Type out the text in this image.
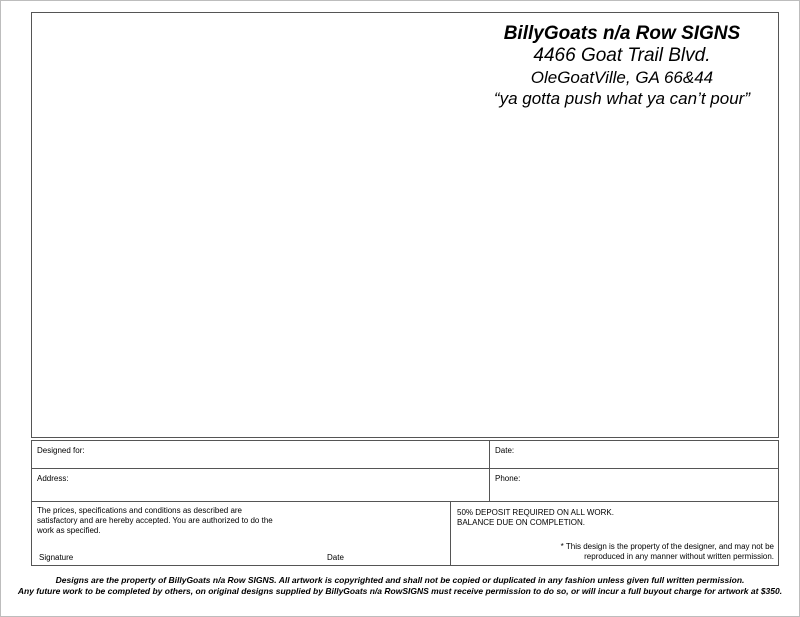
BillyGoats n/a Row SIGNS
4466 Goat Trail Blvd.
OleGoatVille, GA 66&44
“ya gotta push what ya can’t pour”
Designed for:	Date:
Address:	Phone:
The prices, specifications and conditions as described are satisfactory and are hereby accepted. You are authorized to do the work as specified.
Signature	Date
50% DEPOSIT REQUIRED ON ALL WORK. BALANCE DUE ON COMPLETION.
* This design is the property of the designer, and may not be reproduced in any manner without written permission.
Designs are the property of BillyGoats n/a Row SIGNS. All artwork is copyrighted and shall not be copied or duplicated in any fashion unless given full written permission.
Any future work to be completed by others, on original designs supplied by BillyGoats n/a RowSIGNS must receive permission to do so, or will incur a full buyout charge for artwork at $350.
